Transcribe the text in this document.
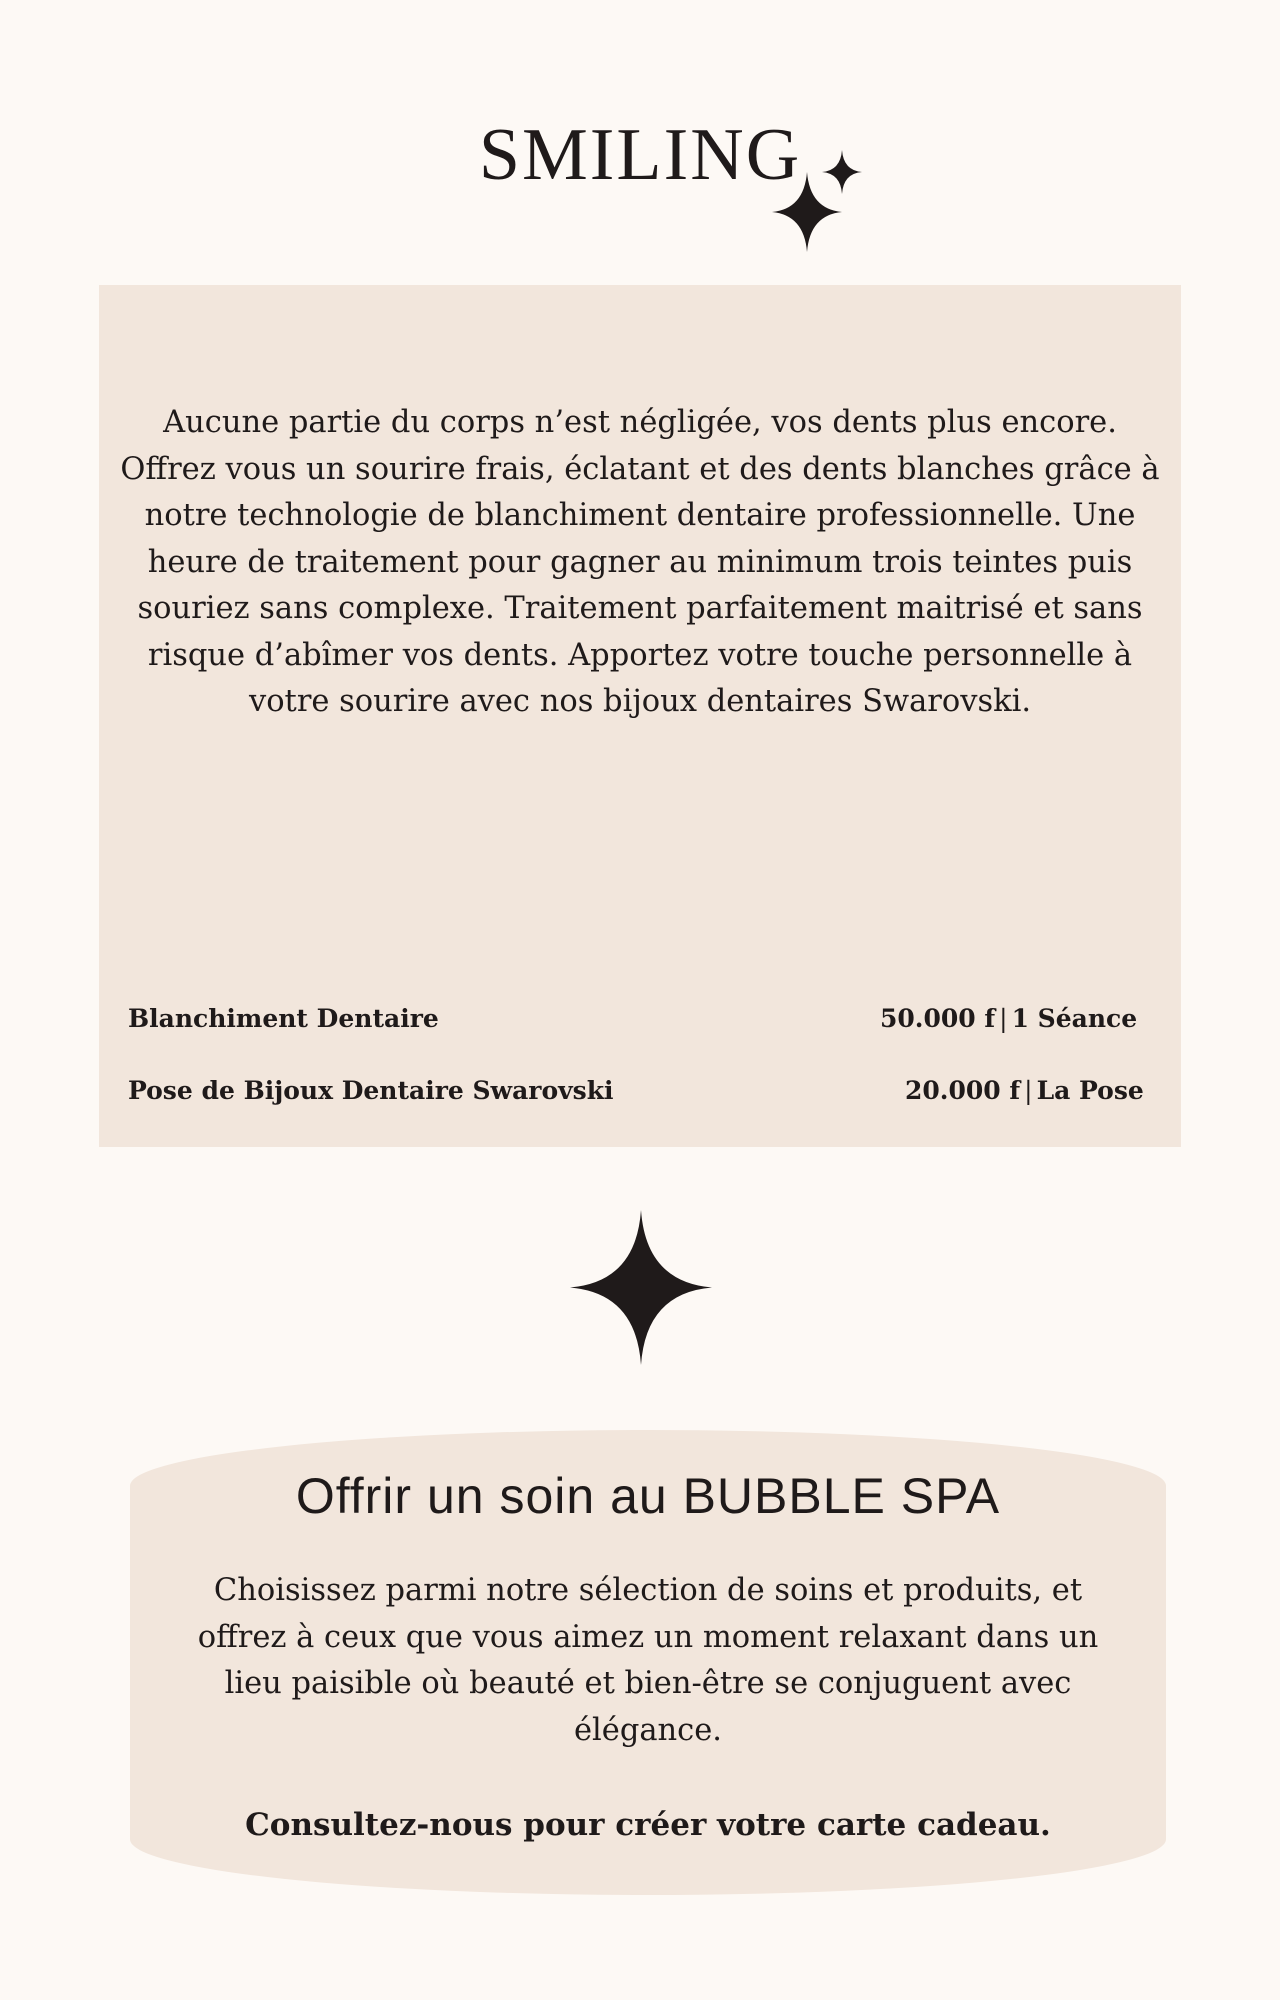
SMILING

Aucune partie du corps n’est négligée, vos dents plus encore. Offrez vous un sourire frais, éclatant et des dents blanches grâce à notre technologie de blanchiment dentaire professionnelle. Une heure de traitement pour gagner au minimum trois teintes puis souriez sans complexe. Traitement parfaitement maitrisé et sans risque d’abîmer vos dents. Apportez votre touche personnelle à votre sourire avec nos bijoux dentaires Swarovski.

Blanchiment Dentaire	50.000 f | 1 Séance
Pose de Bijoux Dentaire Swarovski	20.000 f | La Pose
Offrir un soin au BUBBLE SPA

Choisissez parmi notre sélection de soins et produits, et offrez à ceux que vous aimez un moment relaxant dans un lieu paisible où beauté et bien-être se conjuguent avec élégance.

Consultez-nous pour créer votre carte cadeau.
